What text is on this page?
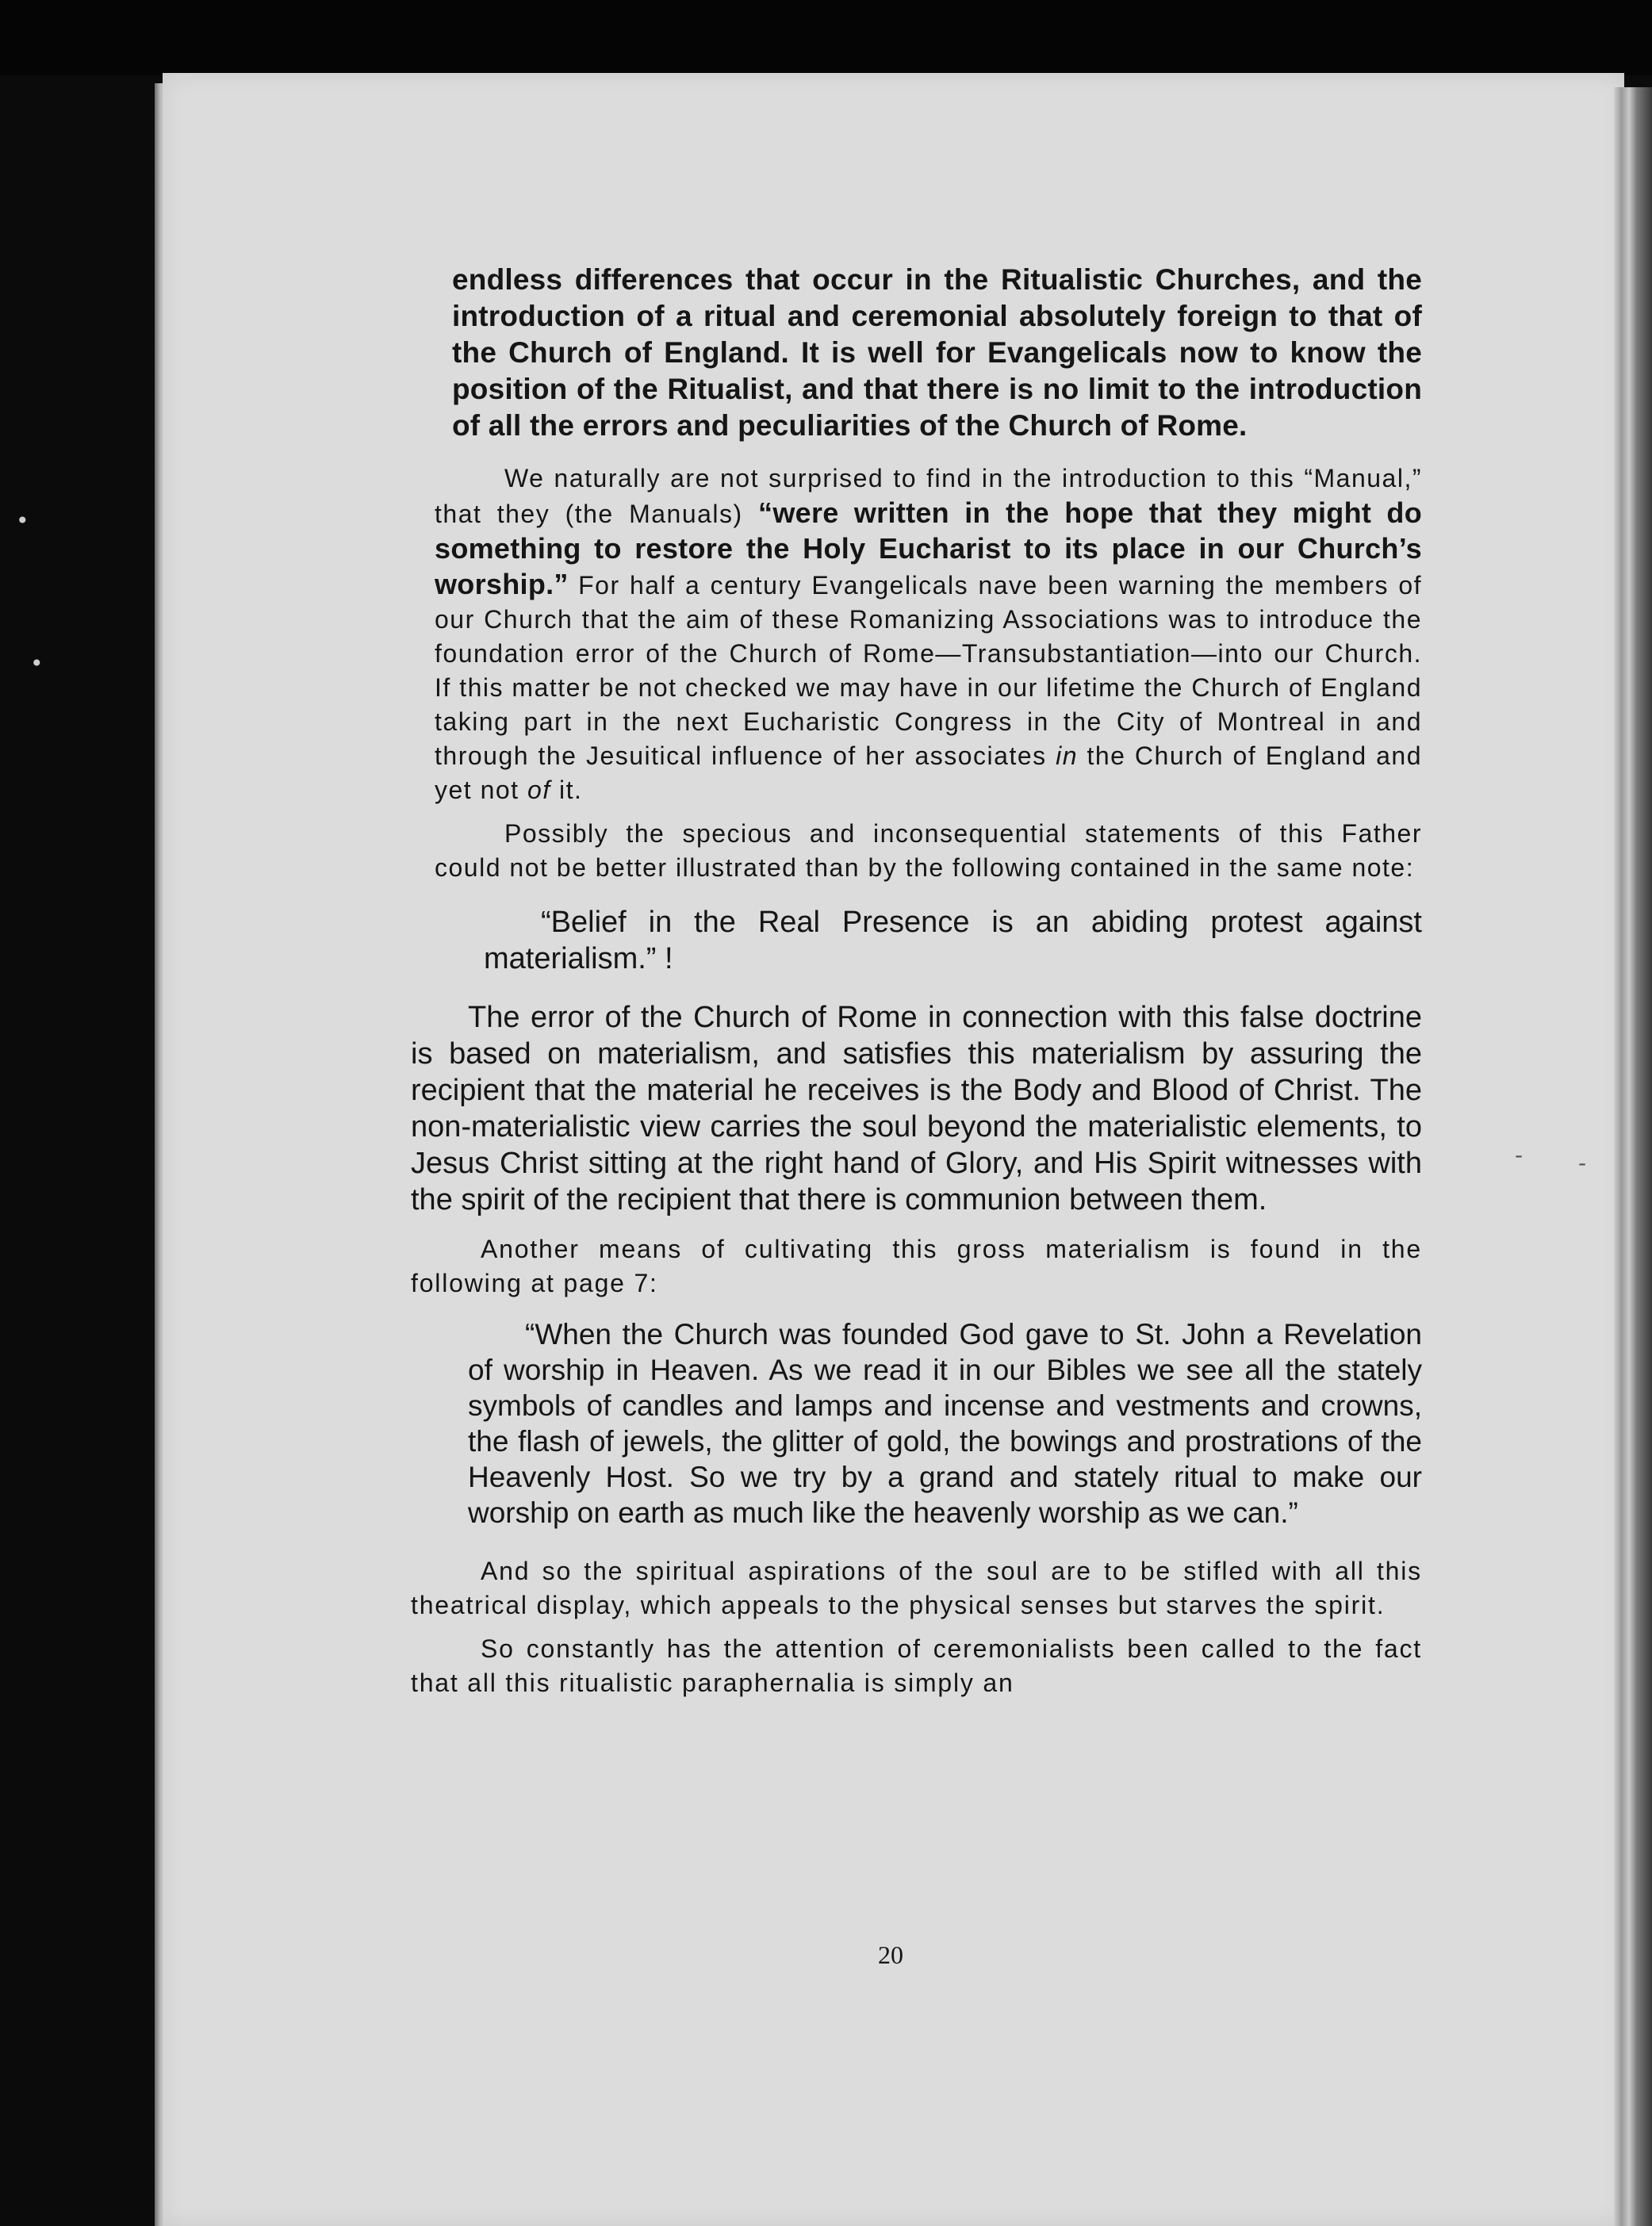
•
•
- -

endless differences that occur in the Ritualistic Churches, and the introduction of a ritual and ceremonial absolutely foreign to that of the Church of England. It is well for Evangelicals now to know the position of the Ritualist, and that there is no limit to the introduction of all the errors and peculiarities of the Church of Rome.

We naturally are not surprised to find in the introduction to this “Manual,” that they (the Manuals) “were written in the hope that they might do something to restore the Holy Eucharist to its place in our Church’s worship.” For half a century Evangelicals nave been warning the members of our Church that the aim of these Romanizing Associations was to introduce the foundation error of the Church of Rome—Transubstantiation—into our Church. If this matter be not checked we may have in our lifetime the Church of England taking part in the next Eucharistic Congress in the City of Montreal in and through the Jesuitical influence of her associates in the Church of England and yet not of it.

Possibly the specious and inconsequential statements of this Father could not be better illustrated than by the following contained in the same note:

“Belief in the Real Presence is an abiding protest against materialism.” !

The error of the Church of Rome in connection with this false doctrine is based on materialism, and satisfies this materialism by assuring the recipient that the material he receives is the Body and Blood of Christ. The non-materialistic view carries the soul beyond the materialistic elements, to Jesus Christ sitting at the right hand of Glory, and His Spirit witnesses with the spirit of the recipient that there is communion between them.

Another means of cultivating this gross materialism is found in the following at page 7:

“When the Church was founded God gave to St. John a Revelation of worship in Heaven. As we read it in our Bibles we see all the stately symbols of candles and lamps and incense and vestments and crowns, the flash of jewels, the glitter of gold, the bowings and prostrations of the Heavenly Host. So we try by a grand and stately ritual to make our worship on earth as much like the heavenly worship as we can.”

And so the spiritual aspirations of the soul are to be stifled with all this theatrical display, which appeals to the physical senses but starves the spirit.

So constantly has the attention of ceremonialists been called to the fact that all this ritualistic paraphernalia is simply an

20
